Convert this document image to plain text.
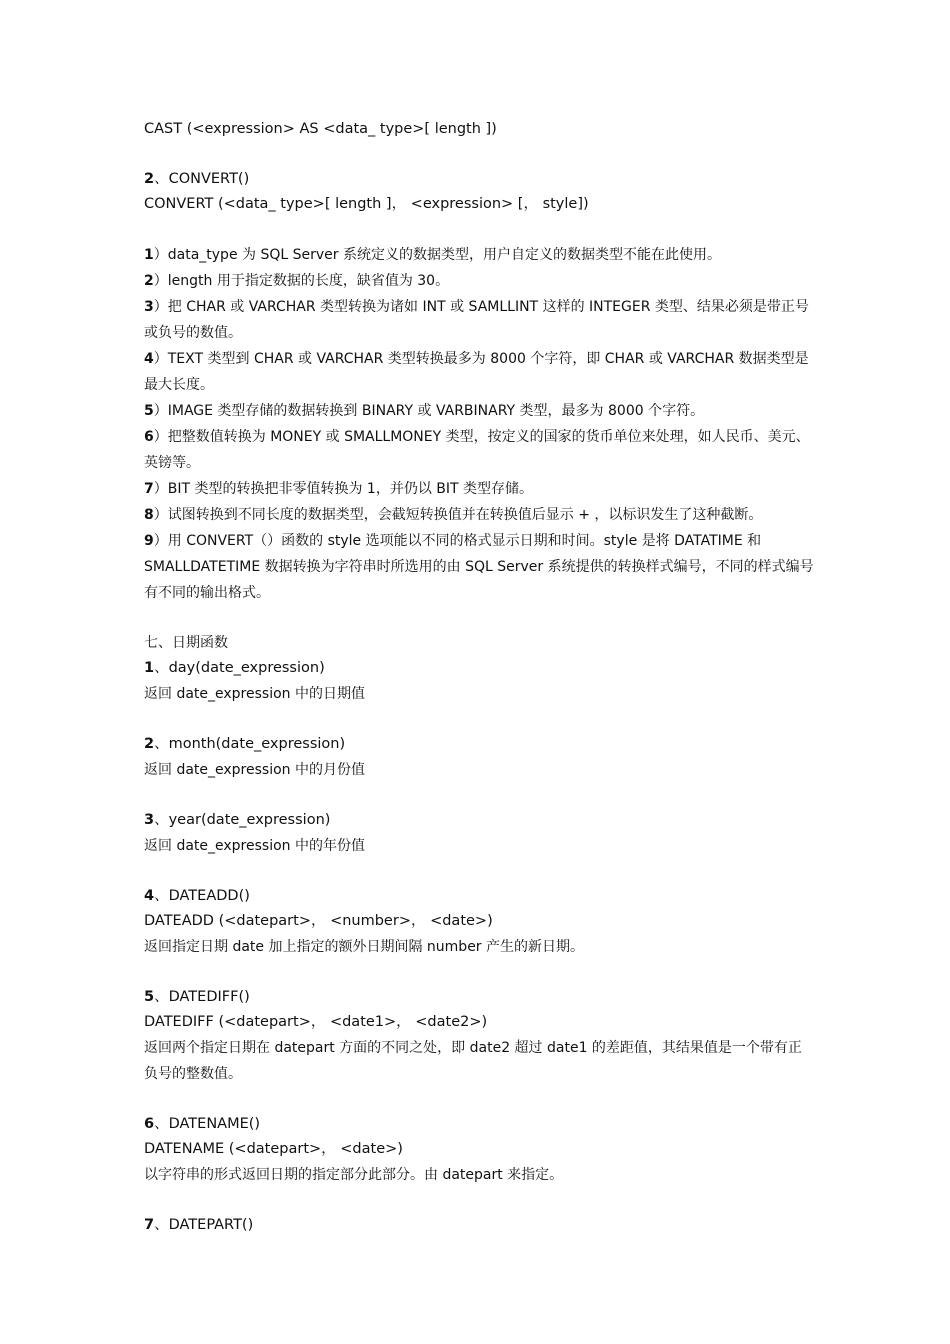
CAST (<expression> AS <data_ type>[ length ])
2、CONVERT()
CONVERT (<data_ type>[ length ]， <expression> [， style])
1）data_type 为 SQL Server 系统定义的数据类型，用户自定义的数据类型不能在此使用。
2）length 用于指定数据的长度，缺省值为 30。
3）把 CHAR 或 VARCHAR 类型转换为诸如 INT 或 SAMLLINT 这样的 INTEGER 类型、结果必须是带正号或负号的数值。
4）TEXT 类型到 CHAR 或 VARCHAR 类型转换最多为 8000 个字符，即 CHAR 或 VARCHAR 数据类型是最大长度。
5）IMAGE 类型存储的数据转换到 BINARY 或 VARBINARY 类型，最多为 8000 个字符。
6）把整数值转换为 MONEY 或 SMALLMONEY 类型，按定义的国家的货币单位来处理，如人民币、美元、英镑等。
7）BIT 类型的转换把非零值转换为 1，并仍以 BIT 类型存储。
8）试图转换到不同长度的数据类型，会截短转换值并在转换值后显示 + ，以标识发生了这种截断。
9）用 CONVERT（）函数的 style 选项能以不同的格式显示日期和时间。style 是将 DATATIME 和 SMALLDATETIME 数据转换为字符串时所选用的由 SQL Server 系统提供的转换样式编号，不同的样式编号有不同的输出格式。
七、日期函数
1、day(date_expression)
返回 date_expression 中的日期值
2、month(date_expression)
返回 date_expression 中的月份值
3、year(date_expression)
返回 date_expression 中的年份值
4、DATEADD()
DATEADD (<datepart>， <number>， <date>)
返回指定日期 date 加上指定的额外日期间隔 number 产生的新日期。
5、DATEDIFF()
DATEDIFF (<datepart>， <date1>， <date2>)
返回两个指定日期在 datepart 方面的不同之处，即 date2 超过 date1 的差距值，其结果值是一个带有正负号的整数值。
6、DATENAME()
DATENAME (<datepart>， <date>)
以字符串的形式返回日期的指定部分此部分。由 datepart 来指定。
7、DATEPART()
